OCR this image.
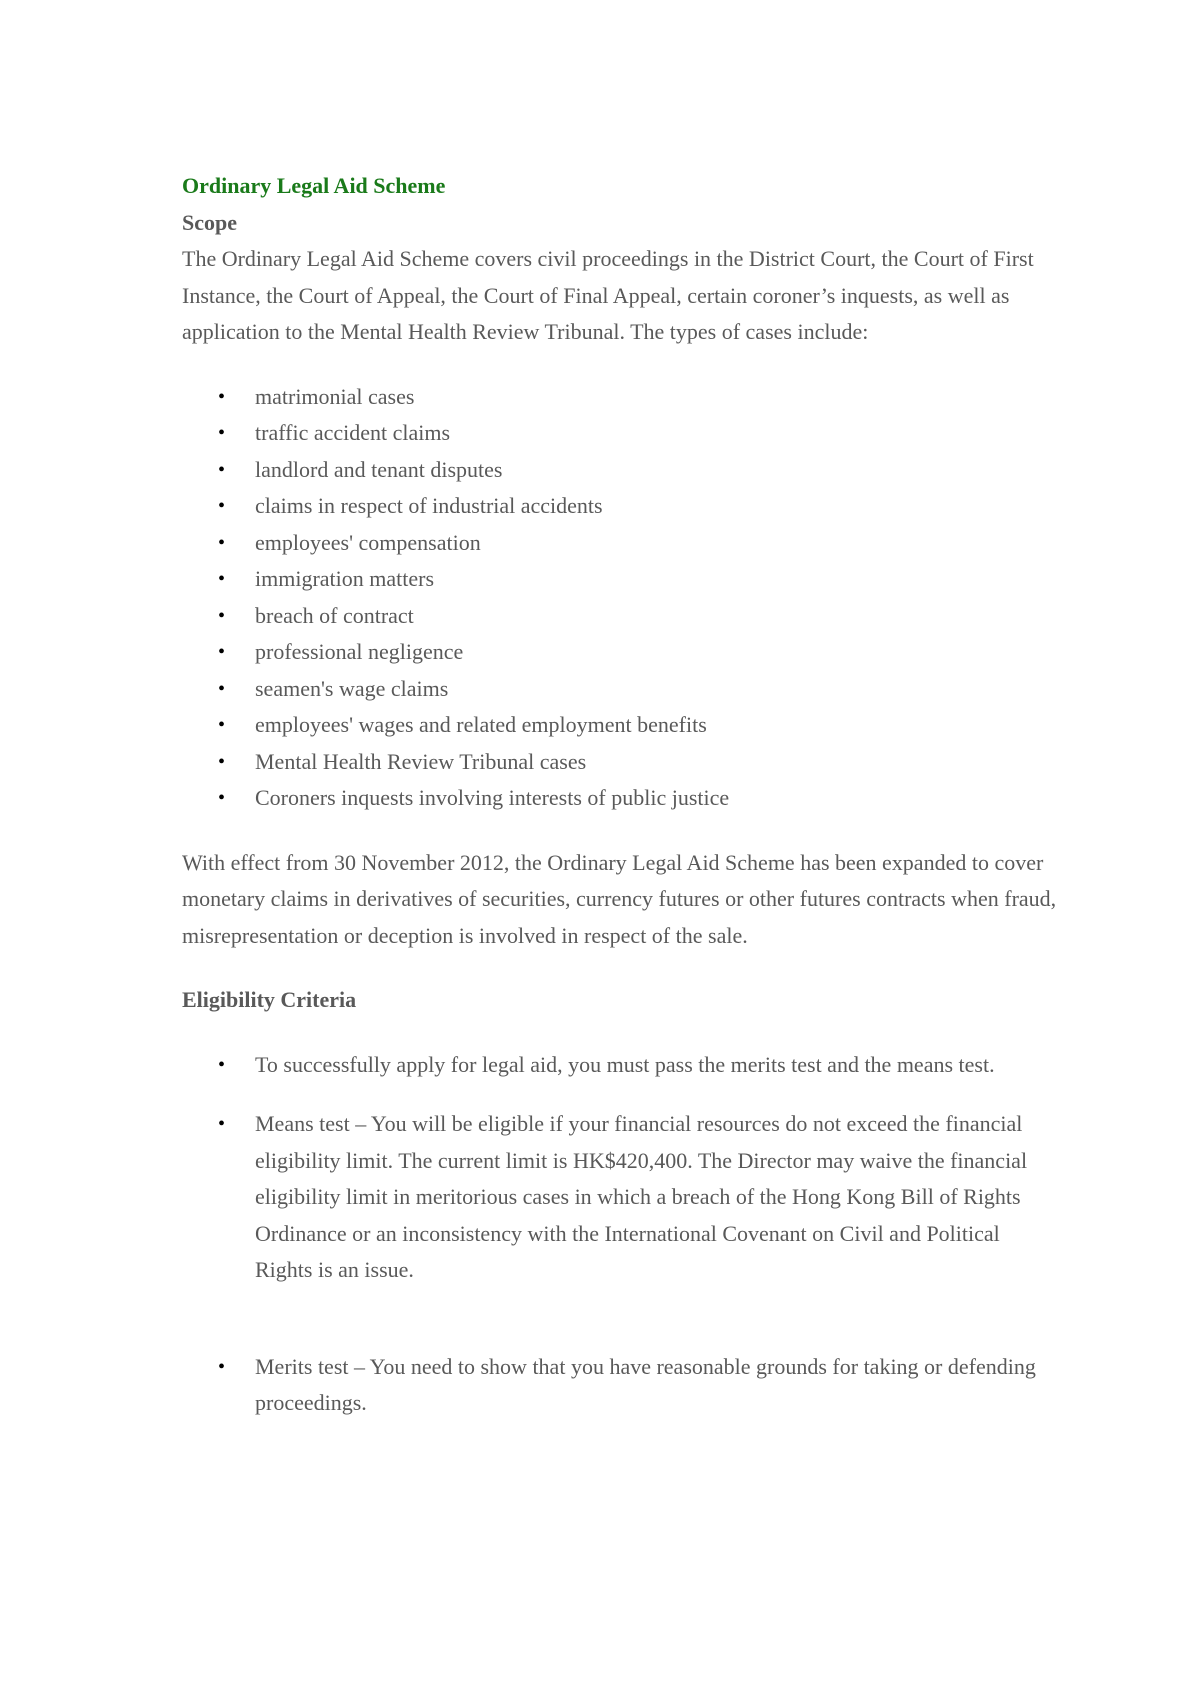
Ordinary Legal Aid Scheme
Scope

The Ordinary Legal Aid Scheme covers civil proceedings in the District Court, the Court of First Instance, the Court of Appeal, the Court of Final Appeal, certain coroner’s inquests, as well as application to the Mental Health Review Tribunal. The types of cases include:

• matrimonial cases
• traffic accident claims
• landlord and tenant disputes
• claims in respect of industrial accidents
• employees' compensation
• immigration matters
• breach of contract
• professional negligence
• seamen's wage claims
• employees' wages and related employment benefits
• Mental Health Review Tribunal cases
• Coroners inquests involving interests of public justice

With effect from 30 November 2012, the Ordinary Legal Aid Scheme has been expanded to cover monetary claims in derivatives of securities, currency futures or other futures contracts when fraud, misrepresentation or deception is involved in respect of the sale.

Eligibility Criteria
• To successfully apply for legal aid, you must pass the merits test and the means test.
• Means test – You will be eligible if your financial resources do not exceed the financial eligibility limit. The current limit is HK$420,400. The Director may waive the financial eligibility limit in meritorious cases in which a breach of the Hong Kong Bill of Rights Ordinance or an inconsistency with the International Covenant on Civil and Political Rights is an issue.
• Merits test – You need to show that you have reasonable grounds for taking or defending proceedings.
